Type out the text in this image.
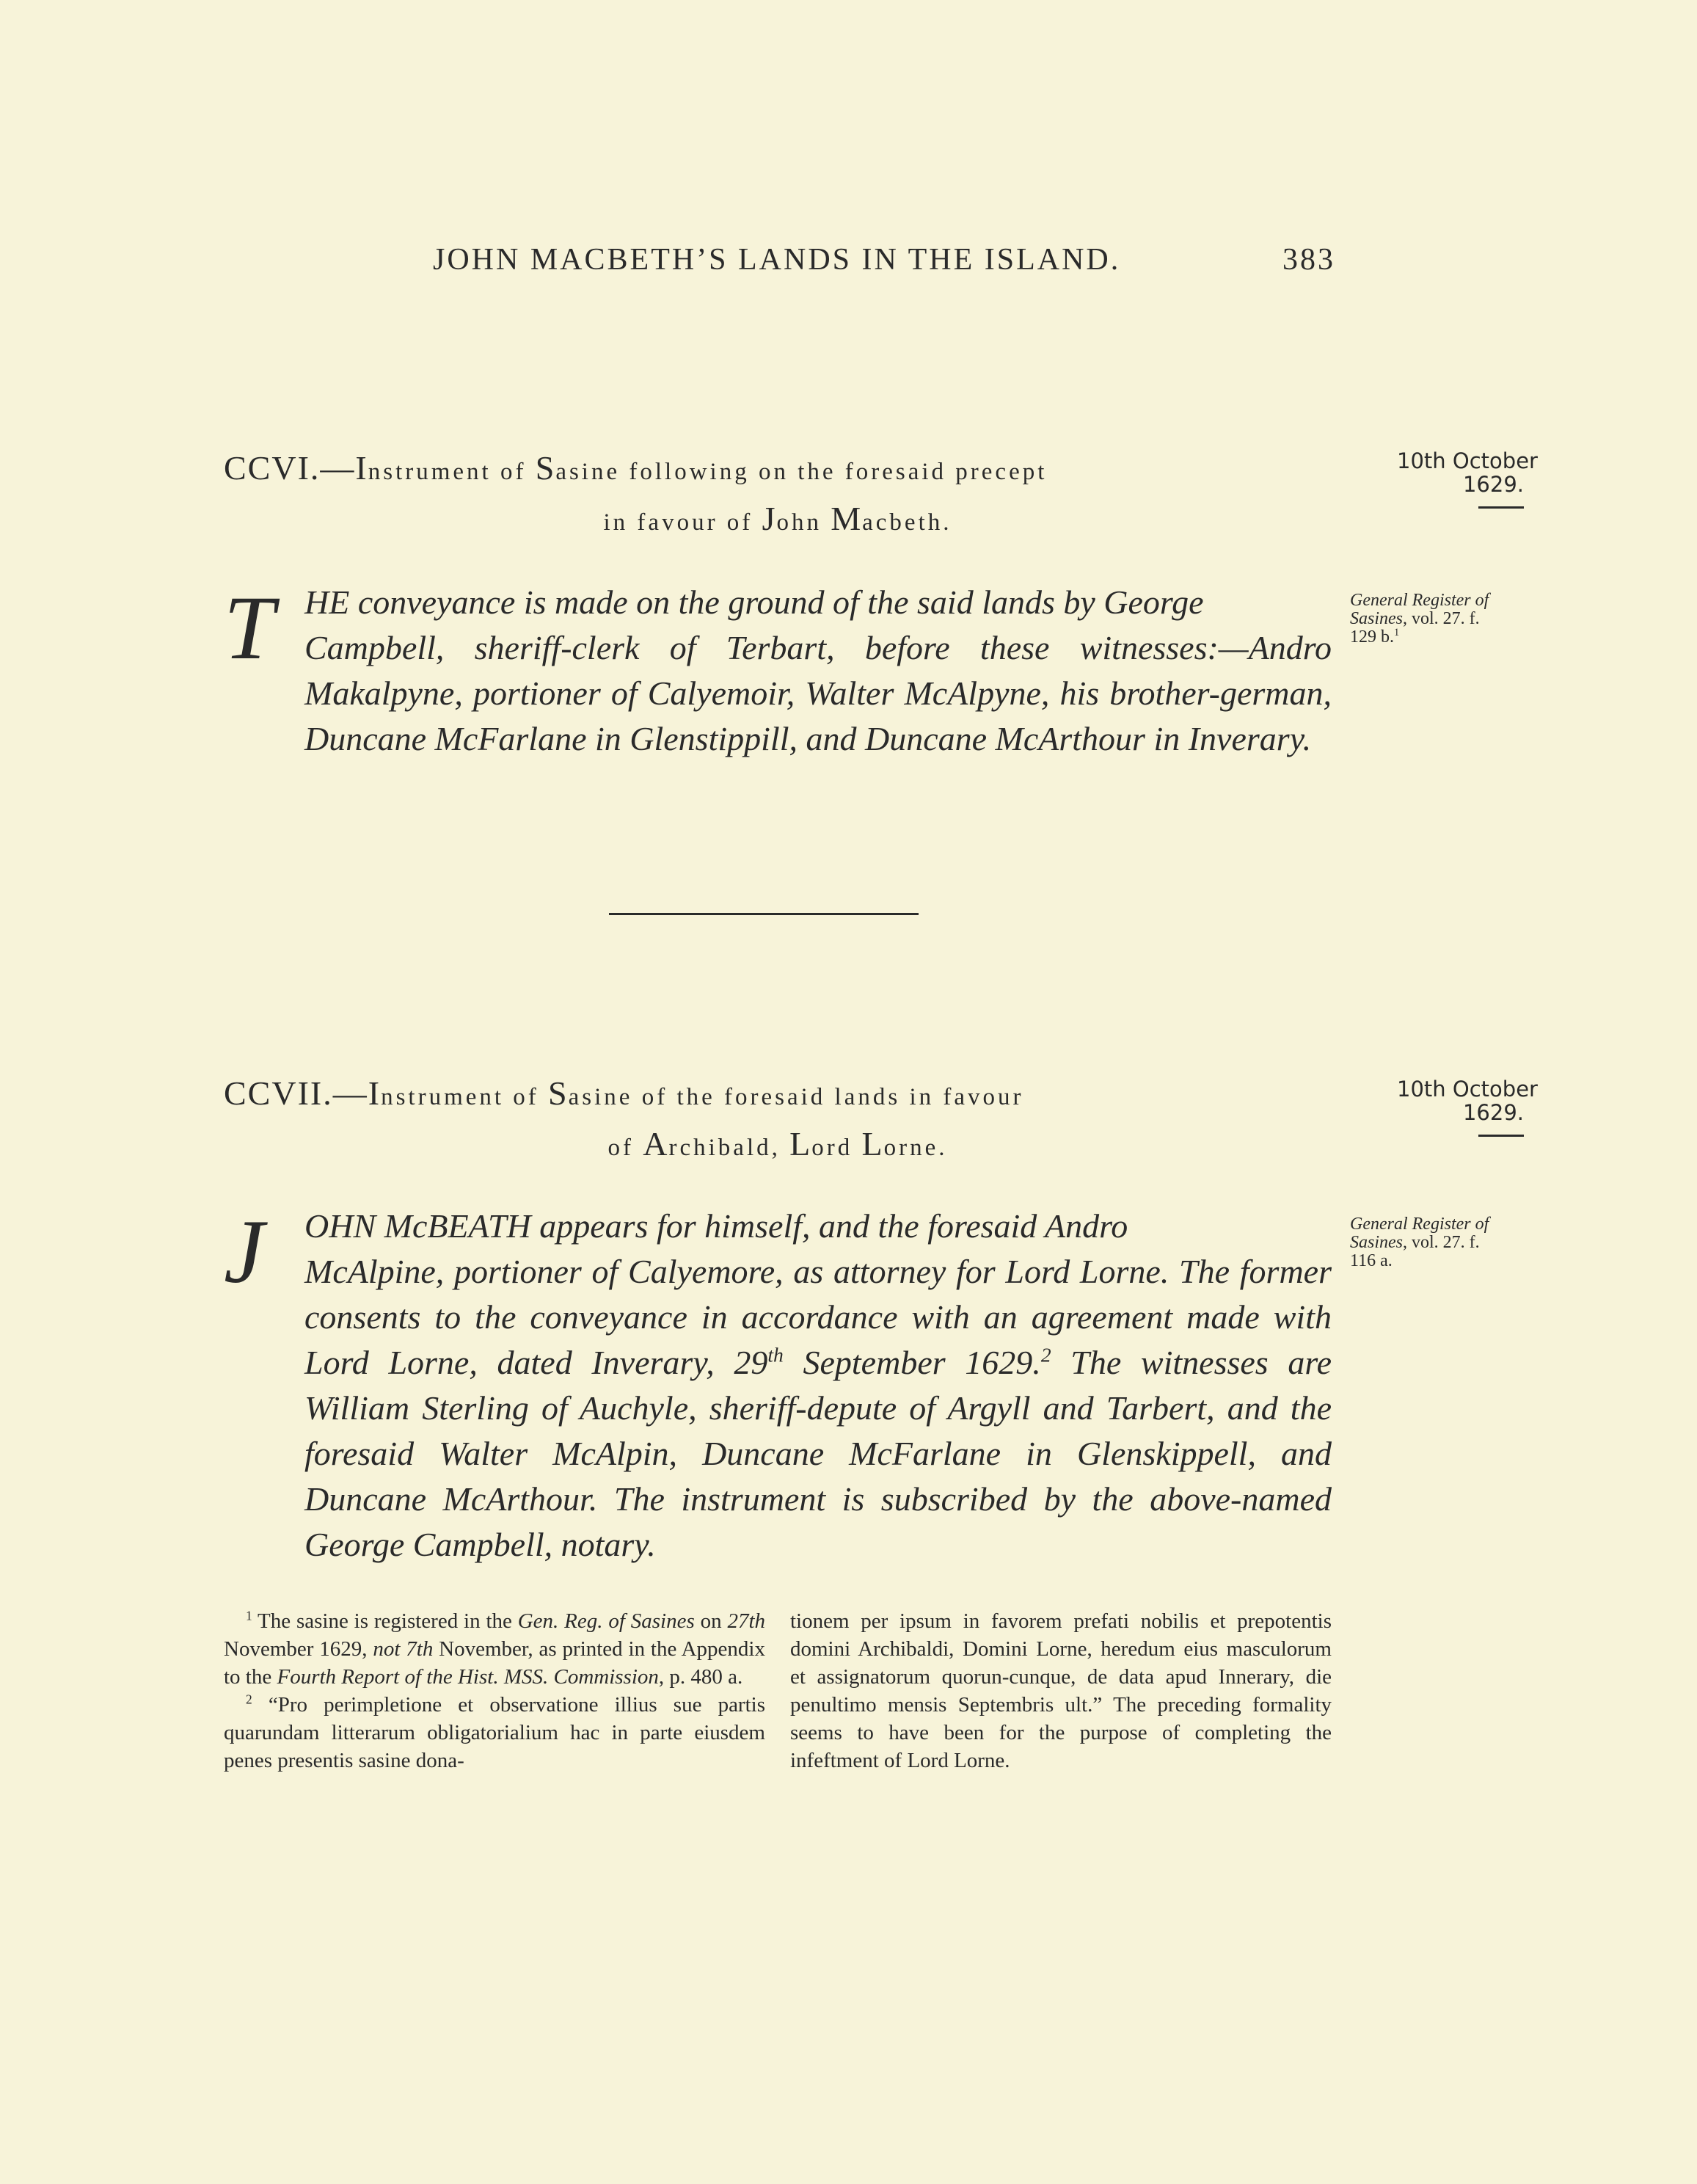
JOHN MACBETH’S LANDS IN THE ISLAND.	383
CCVI.—Instrument of Sasine following on the foresaid precept
in favour of John Macbeth.
10th October
1629.
General Register of
Sasines, vol. 27. f.
129 b.$^1$
T HE conveyance is made on the ground of the said lands by George
Campbell, sheriff-clerk of Terbart, before these witnesses:—Andro Makalpyne, portioner of Calyemoir, Walter McAlpyne, his brother-german, Duncane McFarlane in Glenstippill, and Duncane McArthour in Inverary.
CCVII.—Instrument of Sasine of the foresaid lands in favour
of Archibald, Lord Lorne.
10th October
1629.
General Register of
Sasines, vol. 27. f.
116 a.
J	OHN McBEATH appears for himself, and the foresaid Andro
McAlpine, portioner of Calyemore, as attorney for Lord Lorne. The former consents to the conveyance in accordance with an agreement made with Lord Lorne, dated Inverary, 29th September 1629.$^2$ The witnesses are William Sterling of Auchyle, sheriff-depute of Argyll and Tarbert, and the foresaid Walter McAlpin, Duncane McFarlane in Glenskippell, and Duncane McArthour. The instrument is subscribed by the above-named George Campbell, notary.

$^1$ The sasine is registered in the Gen. Reg. of Sasines on 27th November 1629, not 7th November, as printed in the Appendix to the Fourth Report of the Hist. MSS. Commission, p. 480 a.

$^2$ “Pro perimpletione et observatione illius sue partis quarundam litterarum obligatorialium hac in parte eiusdem penes presentis sasine dona-

tionem per ipsum in favorem prefati nobilis et prepotentis domini Archibaldi, Domini Lorne, heredum eius masculorum et assignatorum quorun-cunque, de data apud Innerary, die penultimo mensis Septembris ult.” The preceding formality seems to have been for the purpose of completing the infeftment of Lord Lorne.
